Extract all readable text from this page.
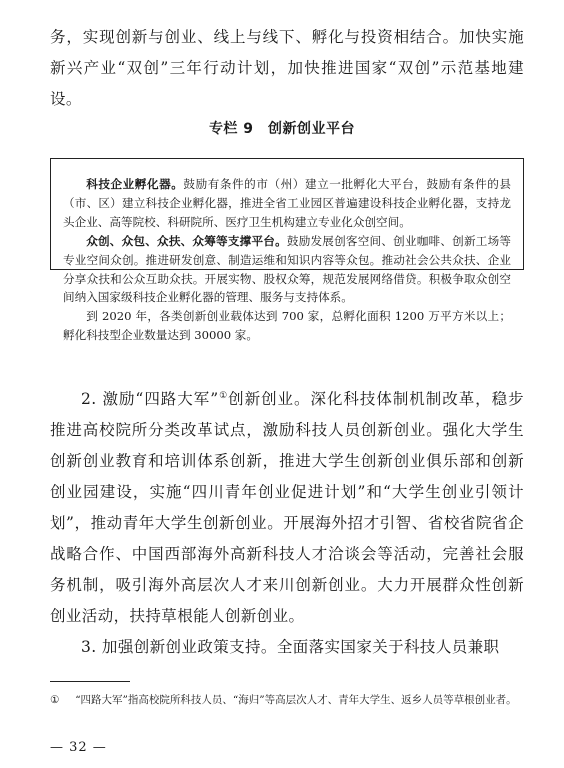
务，实现创新与创业、线上与线下、孵化与投资相结合。加快实施新兴产业“双创”三年行动计划，加快推进国家“双创”示范基地建设。
专栏 9　创新创业平台

科技企业孵化器。鼓励有条件的市（州）建立一批孵化大平台，鼓励有条件的县（市、区）建立科技企业孵化器，推进全省工业园区普遍建设科技企业孵化器，支持龙头企业、高等院校、科研院所、医疗卫生机构建立专业化众创空间。

众创、众包、众扶、众筹等支撑平台。鼓励发展创客空间、创业咖啡、创新工场等专业空间众创。推进研发创意、制造运维和知识内容等众包。推动社会公共众扶、企业分享众扶和公众互助众扶。开展实物、股权众筹，规范发展网络借贷。积极争取众创空间纳入国家级科技企业孵化器的管理、服务与支持体系。

到 2020 年，各类创新创业载体达到 700 家，总孵化面积 1200 万平方米以上；孵化科技型企业数量达到 30000 家。

2. 激励“四路大军”①创新创业。深化科技体制机制改革，稳步推进高校院所分类改革试点，激励科技人员创新创业。强化大学生创新创业教育和培训体系创新，推进大学生创新创业俱乐部和创新创业园建设，实施“四川青年创业促进计划”和“大学生创业引领计划”，推动青年大学生创新创业。开展海外招才引智、省校省院省企战略合作、中国西部海外高新科技人才洽谈会等活动，完善社会服务机制，吸引海外高层次人才来川创新创业。大力开展群众性创新创业活动，扶持草根能人创新创业。

3. 加强创新创业政策支持。全面落实国家关于科技人员兼职

① “四路大军”指高校院所科技人员、“海归”等高层次人才、青年大学生、返乡人员等草根创业者。

— 32 —
